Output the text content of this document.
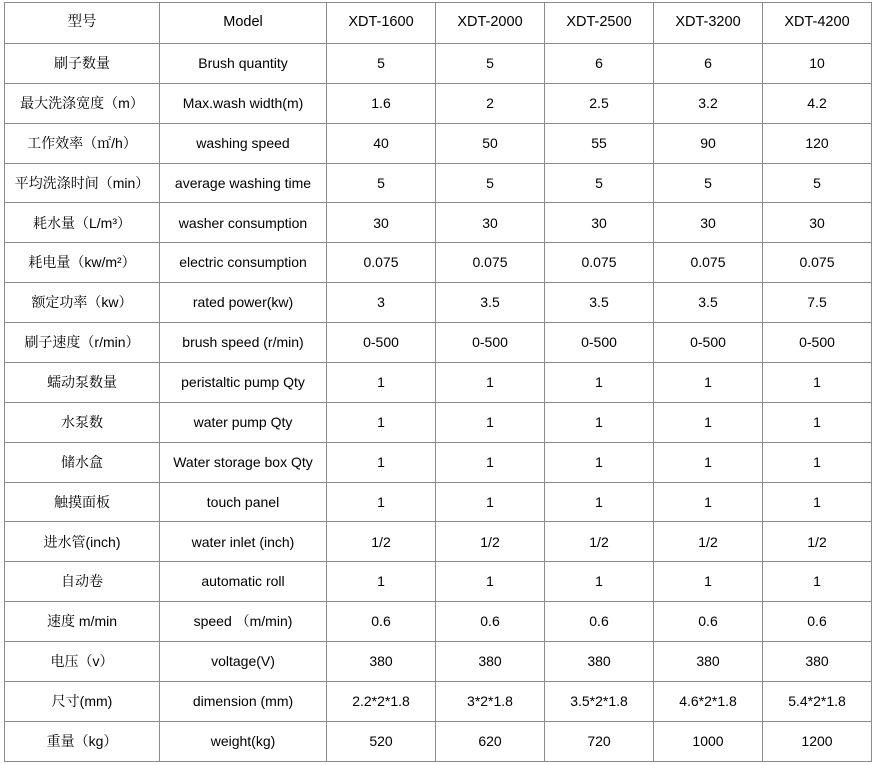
型号	Model	XDT-1600	XDT-2000	XDT-2500	XDT-3200	XDT-4200
刷子数量	Brush quantity	5	5	6	6	10
最大洗涤宽度（m）	Max.wash width(m)	1.6	2	2.5	3.2	4.2
工作效率（㎡/h）	washing speed	40	50	55	90	120
平均洗涤时间（min）	average washing time	5	5	5	5	5
耗水量（L/m³）	washer consumption	30	30	30	30	30
耗电量（kw/m²）	electric consumption	0.075	0.075	0.075	0.075	0.075
额定功率（kw）	rated power(kw)	3	3.5	3.5	3.5	7.5
刷子速度（r/min）	brush speed (r/min)	0-500	0-500	0-500	0-500	0-500
蠕动泵数量	peristaltic pump Qty	1	1	1	1	1
水泵数	water pump Qty	1	1	1	1	1
储水盒	Water storage box Qty	1	1	1	1	1
触摸面板	touch panel	1	1	1	1	1
进水管(inch)	water inlet (inch)	1/2	1/2	1/2	1/2	1/2
自动卷	automatic roll	1	1	1	1	1
速度 m/min	speed （m/min)	0.6	0.6	0.6	0.6	0.6
电压（v）	voltage(V)	380	380	380	380	380
尺寸(mm)	dimension (mm)	2.2*2*1.8	3*2*1.8	3.5*2*1.8	4.6*2*1.8	5.4*2*1.8
重量（kg）	weight(kg)	520	620	720	1000	1200
